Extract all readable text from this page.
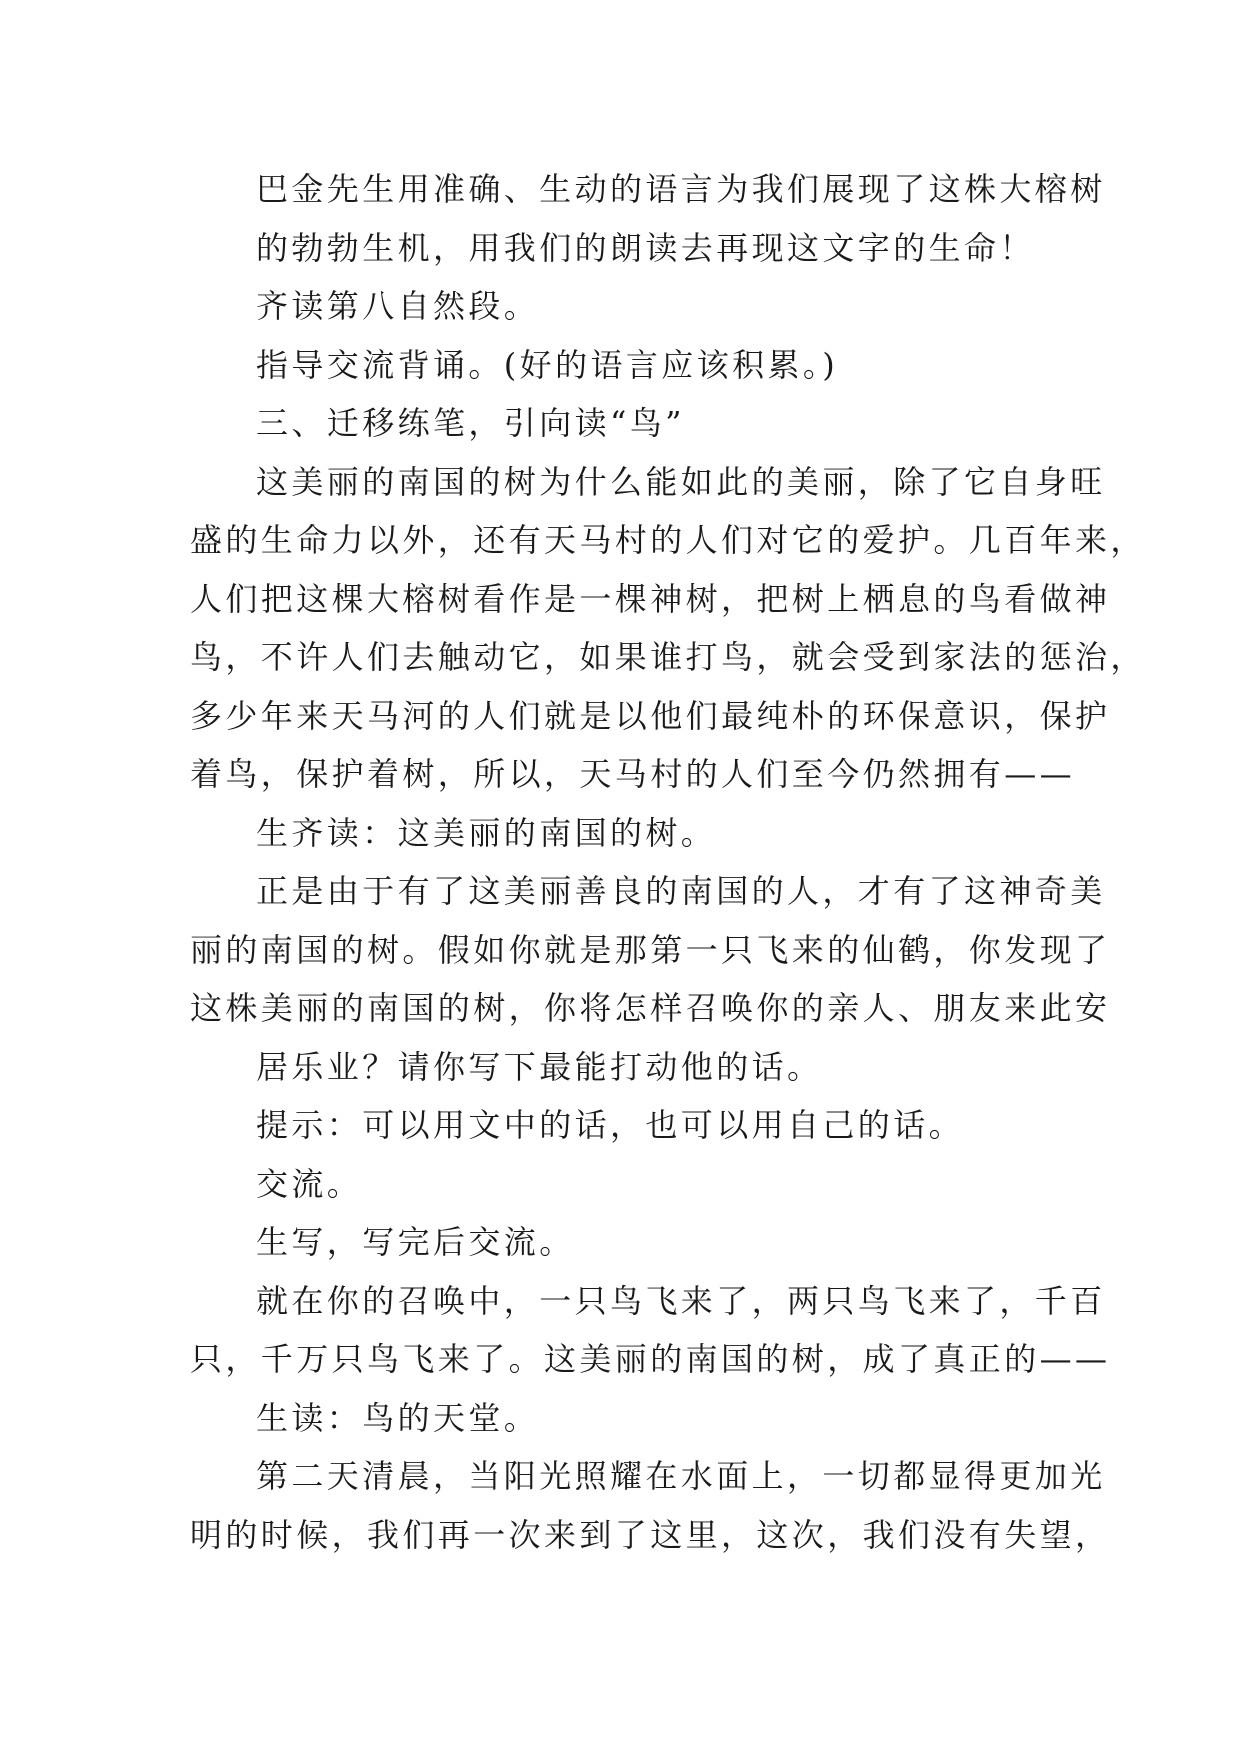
巴金先生用准确、生动的语言为我们展现了这株大榕树
的勃勃生机，用我们的朗读去再现这文字的生命！
齐读第八自然段。
指导交流背诵。(好的语言应该积累。)
三、迁移练笔，引向读“鸟”
这美丽的南国的树为什么能如此的美丽，除了它自身旺
盛的生命力以外，还有天马村的人们对它的爱护。几百年来，
人们把这棵大榕树看作是一棵神树，把树上栖息的鸟看做神
鸟，不许人们去触动它，如果谁打鸟，就会受到家法的惩治，
多少年来天马河的人们就是以他们最纯朴的环保意识，保护
着鸟，保护着树，所以，天马村的人们至今仍然拥有——
生齐读：这美丽的南国的树。
正是由于有了这美丽善良的南国的人，才有了这神奇美
丽的南国的树。假如你就是那第一只飞来的仙鹤，你发现了
这株美丽的南国的树，你将怎样召唤你的亲人、朋友来此安
居乐业？请你写下最能打动他的话。
提示：可以用文中的话，也可以用自己的话。
交流。
生写，写完后交流。
就在你的召唤中，一只鸟飞来了，两只鸟飞来了，千百
只，千万只鸟飞来了。这美丽的南国的树，成了真正的——
生读：鸟的天堂。
第二天清晨，当阳光照耀在水面上，一切都显得更加光
明的时候，我们再一次来到了这里，这次，我们没有失望，
